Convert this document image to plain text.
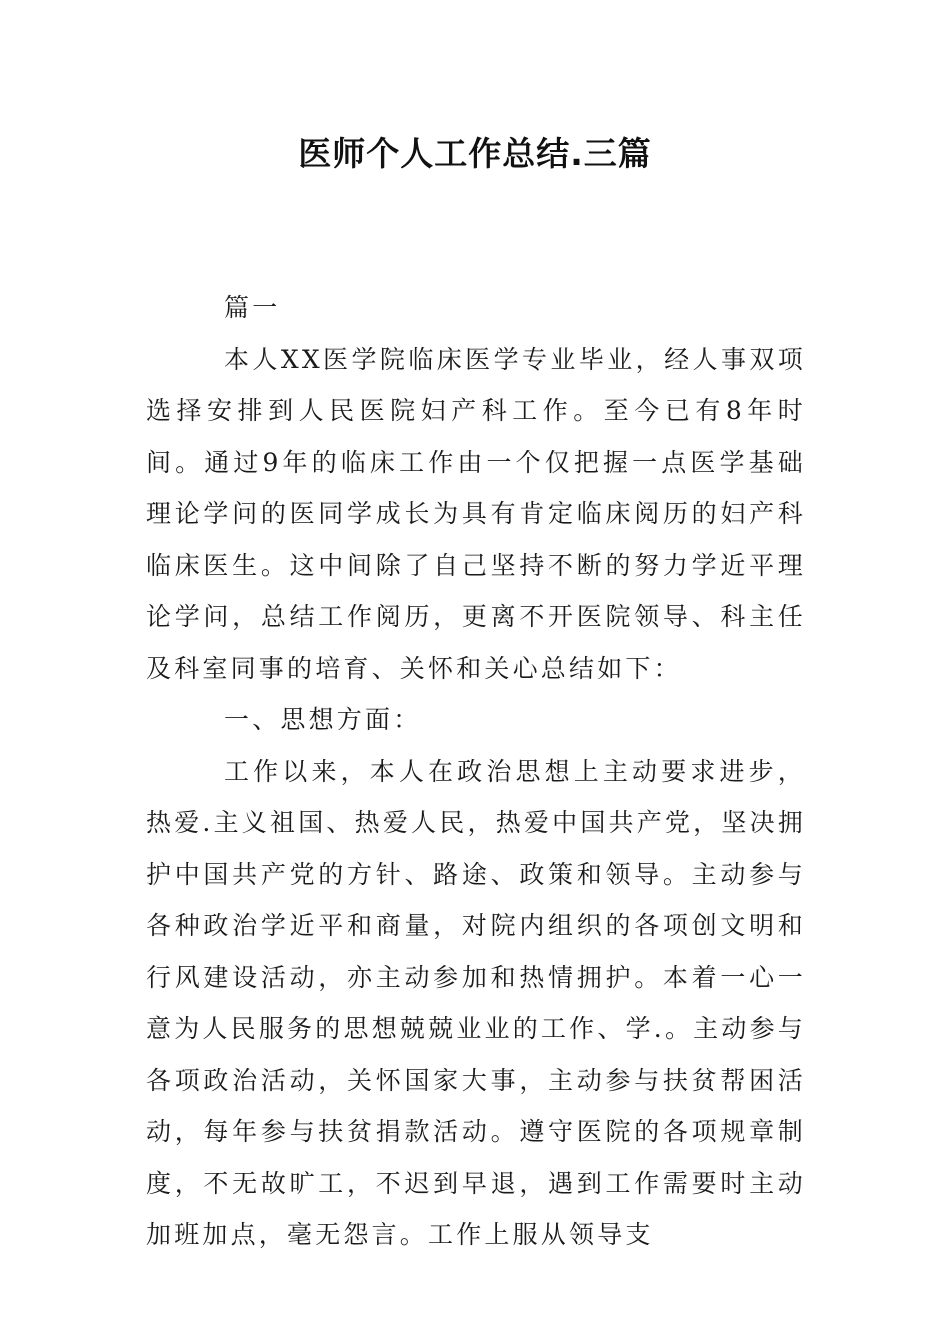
医师个人工作总结.三篇

篇一

本人XX医学院临床医学专业毕业，经人事双项选择安排到人民医院妇产科工作。至今已有8年时间。通过9年的临床工作由一个仅把握一点医学基础理论学问的医同学成长为具有肯定临床阅历的妇产科临床医生。这中间除了自己坚持不断的努力学近平理论学问，总结工作阅历，更离不开医院领导、科主任及科室同事的培育、关怀和关心总结如下：

一、思想方面：

工作以来，本人在政治思想上主动要求进步，热爱.主义祖国、热爱人民，热爱中国共产党，坚决拥护中国共产党的方针、路途、政策和领导。主动参与各种政治学近平和商量，对院内组织的各项创文明和行风建设活动，亦主动参加和热情拥护。本着一心一意为人民服务的思想兢兢业业的工作、学.。主动参与各项政治活动，关怀国家大事，主动参与扶贫帮困活动，每年参与扶贫捐款活动。遵守医院的各项规章制度，不无故旷工，不迟到早退，遇到工作需要时主动加班加点，毫无怨言。工作上服从领导支
